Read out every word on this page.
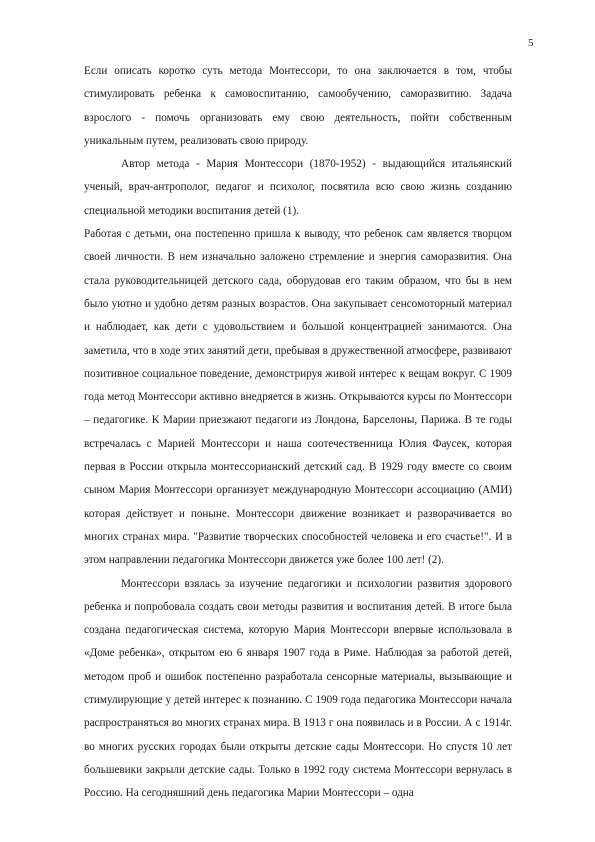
5

Если описать коротко суть метода Монтессори, то она заключается в том, чтобы стимулировать ребенка к самовоспитанию, самообучению, саморазвитию. Задача взрослого - помочь организовать ему свою деятельность, пойти собственным уникальным путем, реализовать свою природу.

Автор метода - Мария Монтессори (1870-1952) - выдающийся итальянский ученый, врач-антрополог, педагог и психолог, посвятила всю свою жизнь созданию специальной методики воспитания детей (1).

Работая с детьми, она постепенно пришла к выводу, что ребенок сам является творцом своей личности. В нем изначально заложено стремление и энергия саморазвития. Она стала руководительницей детского сада, оборудовав его таким образом, что бы в нем было уютно и удобно детям разных возрастов. Она закупывает сенсомоторный материал и наблюдает, как дети с удовольствием и большой концентрацией занимаются. Она заметила, что в ходе этих занятий дети, пребывая в дружественной атмосфере, развивают позитивное социальное поведение, демонстрируя живой интерес к вещам вокруг. С 1909 года метод Монтессори активно внедряется в жизнь. Открываются курсы по Монтессори – педагогике. К Марии приезжают педагоги из Лондона, Барселоны, Парижа. В те годы встречалась с Марией Монтессори и наша соотечественница Юлия Фаусек, которая первая в России открыла монтессорианский детский сад. В 1929 году вместе со своим сыном Мария Монтессори организует международную Монтессори ассоциацию (АМИ) которая действует и поныне. Монтессори движение возникает и разворачивается во многих странах мира. "Развитие творческих способностей человека и его счастье!". И в этом направлении педагогика Монтессори движется уже более 100 лет! (2).

Монтессори взялась за изучение педагогики и психологии развития здорового ребенка и попробовала создать свои методы развития и воспитания детей. В итоге была создана педагогическая система, которую Мария Монтессори впервые использовала в «Доме ребенка», открытом ею 6 января 1907 года в Риме. Наблюдая за работой детей, методом проб и ошибок постепенно разработала сенсорные материалы, вызывающие и стимулирующие у детей интерес к познанию. С 1909 года педагогика Монтессори начала распространяться во многих странах мира. В 1913 г она появилась и в России. А с 1914г. во многих русских городах были открыты детские сады Монтессори. Но спустя 10 лет большевики закрыли детские сады. Только в 1992 году система Монтессори вернулась в Россию. На сегодняшний день педагогика Марии Монтессори – одна
